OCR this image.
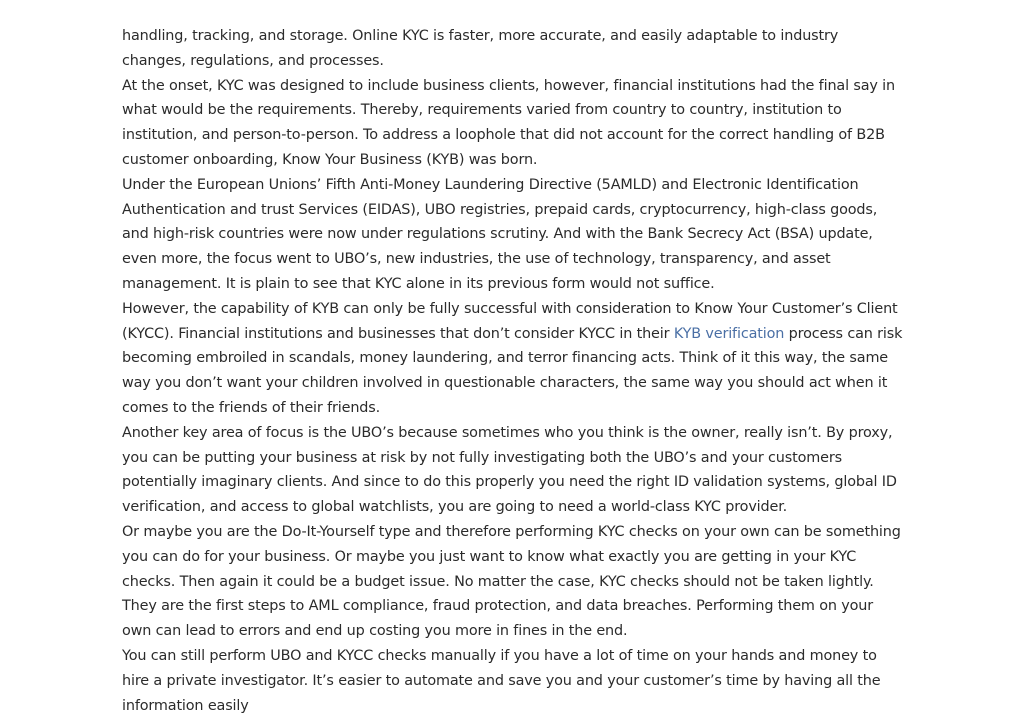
handling, tracking, and storage. Online KYC is faster, more accurate, and easily adaptable to industry changes, regulations, and processes.

At the onset, KYC was designed to include business clients, however, financial institutions had the final say in what would be the requirements. Thereby, requirements varied from country to country, institution to institution, and person-to-person. To address a loophole that did not account for the correct handling of B2B customer onboarding, Know Your Business (KYB) was born.

Under the European Unions’ Fifth Anti-Money Laundering Directive (5AMLD) and Electronic Identification Authentication and trust Services (EIDAS), UBO registries, prepaid cards, cryptocurrency, high-class goods, and high-risk countries were now under regulations scrutiny. And with the Bank Secrecy Act (BSA) update, even more, the focus went to UBO’s, new industries, the use of technology, transparency, and asset management. It is plain to see that KYC alone in its previous form would not suffice.

However, the capability of KYB can only be fully successful with consideration to Know Your Customer’s Client (KYCC). Financial institutions and businesses that don’t consider KYCC in their KYB verification process can risk becoming embroiled in scandals, money laundering, and terror financing acts. Think of it this way, the same way you don’t want your children involved in questionable characters, the same way you should act when it comes to the friends of their friends.

Another key area of focus is the UBO’s because sometimes who you think is the owner, really isn’t. By proxy, you can be putting your business at risk by not fully investigating both the UBO’s and your customers potentially imaginary clients. And since to do this properly you need the right ID validation systems, global ID verification, and access to global watchlists, you are going to need a world-class KYC provider.

Or maybe you are the Do-It-Yourself type and therefore performing KYC checks on your own can be something you can do for your business. Or maybe you just want to know what exactly you are getting in your KYC checks. Then again it could be a budget issue. No matter the case, KYC checks should not be taken lightly. They are the first steps to AML compliance, fraud protection, and data breaches. Performing them on your own can lead to errors and end up costing you more in fines in the end.

You can still perform UBO and KYCC checks manually if you have a lot of time on your hands and money to hire a private investigator. It’s easier to automate and save you and your customer’s time by having all the information easily
